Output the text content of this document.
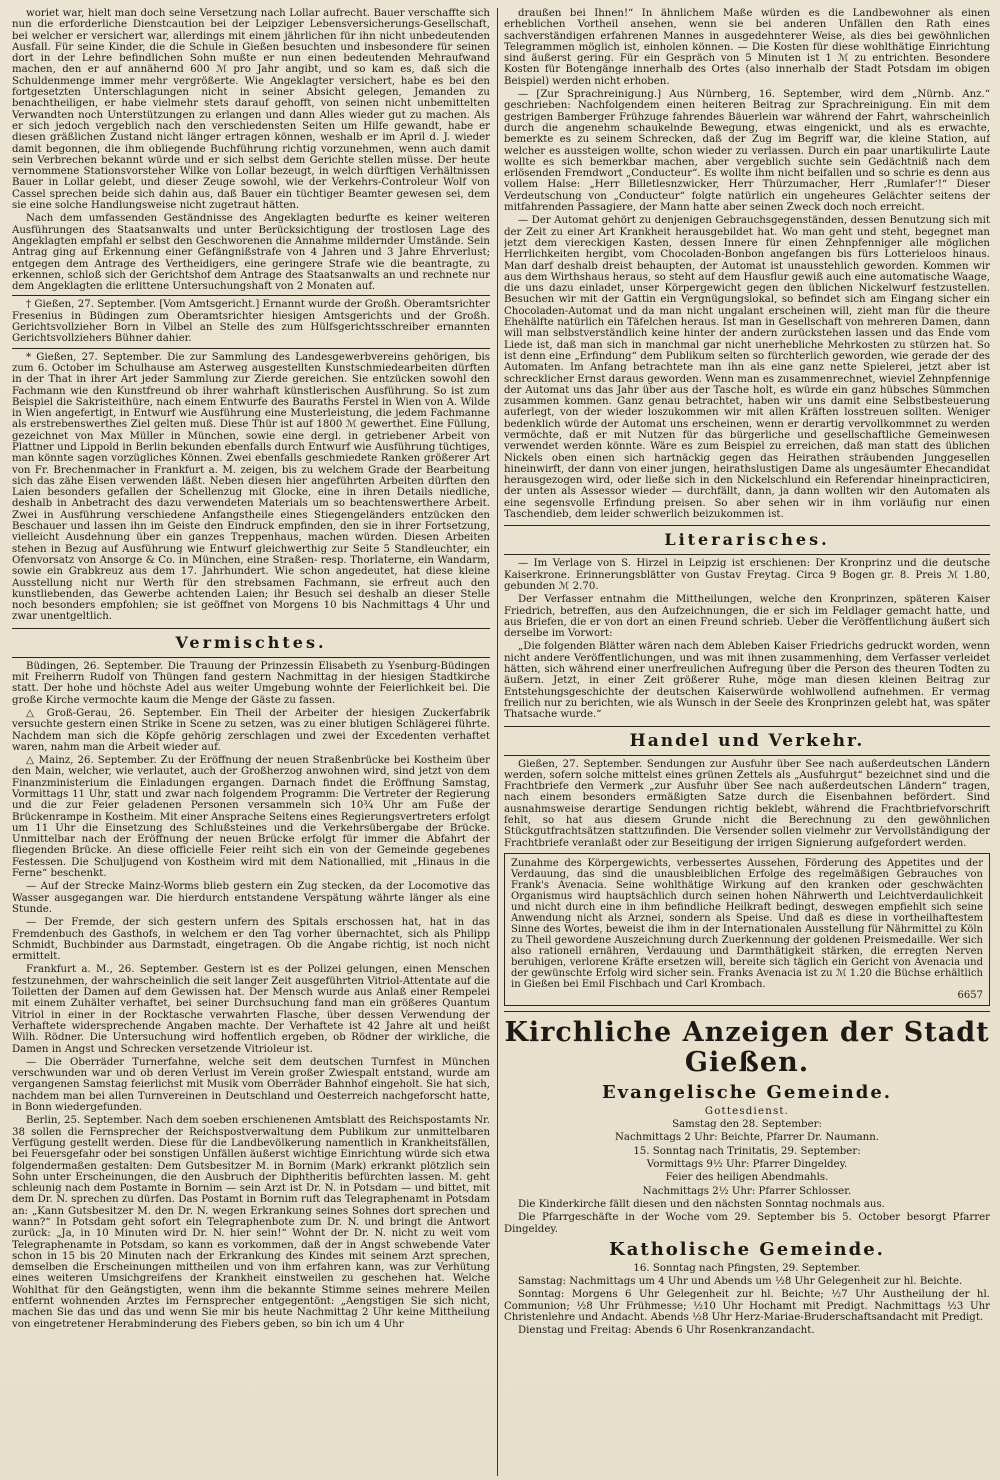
woriet war, hielt man doch seine Versetzung nach Lollar aufrecht. Bauer verschaffte sich nun die erforderliche Dienstcaution bei der Leipziger Lebensversicherungs-Gesellschaft, bei welcher er versichert war, allerdings mit einem jährlichen für ihn nicht unbedeutenden Ausfall. Für seine Kinder, die die Schule in Gießen besuchten und insbesondere für seinen dort in der Lehre befindlichen Sohn mußte er nun einen bedeutenden Mehraufwand machen, den er auf annähernd 600 ℳ pro Jahr angibt, und so kam es, daß sich die Schuldenmenge immer mehr vergrößerte. Wie Angeklagter versichert, habe es bei den fortgesetzten Unterschlagungen nicht in seiner Absicht gelegen, Jemanden zu benachtheiligen, er habe vielmehr stets darauf gehofft, von seinen nicht unbemittelten Verwandten noch Unterstützungen zu erlangen und dann Alles wieder gut zu machen. Als er sich jedoch vergeblich nach den verschiedensten Seiten um Hilfe gewandt, habe er diesen gräßlichen Zustand nicht länger ertragen können, weshalb er im April d. J. wieder damit begonnen, die ihm obliegende Buchführung richtig vorzunehmen, wenn auch damit sein Verbrechen bekannt würde und er sich selbst dem Gerichte stellen müsse. Der heute vernommene Stationsvorsteher Wilke von Lollar bezeugt, in welch dürftigen Verhältnissen Bauer in Lollar gelebt, und dieser Zeuge sowohl, wie der Verkehrs-Controleur Wolf von Cassel sprechen beide sich dahin aus, daß Bauer ein tüchtiger Beamter gewesen sei, dem sie eine solche Handlungsweise nicht zugetraut hätten.

Nach dem umfassenden Geständnisse des Angeklagten bedurfte es keiner weiteren Ausführungen des Staatsanwalts und unter Berücksichtigung der trostlosen Lage des Angeklagten empfahl er selbst den Geschworenen die Annahme mildernder Umstände. Sein Antrag ging auf Erkennung einer Gefängnißstrafe von 4 Jahren und 3 Jahre Ehrverlust; entgegen dem Antrage des Vertheidigers, eine geringere Strafe wie die beantragte, zu erkennen, schloß sich der Gerichtshof dem Antrage des Staatsanwalts an und rechnete nur dem Angeklagten die erlittene Untersuchungshaft von 2 Monaten auf.

† Gießen, 27. September. [Vom Amtsgericht.] Ernannt wurde der Großh. Oberamtsrichter Fresenius in Büdingen zum Oberamtsrichter hiesigen Amtsgerichts und der Großh. Gerichtsvollzieher Born in Vilbel an Stelle des zum Hülfsgerichtsschreiber ernannten Gerichtsvollziehers Bühner dahier.

* Gießen, 27. September. Die zur Sammlung des Landesgewerbvereins gehörigen, bis zum 6. October im Schulhause am Asterweg ausgestellten Kunstschmiedearbeiten dürften in der That in ihrer Art jeder Sammlung zur Zierde gereichen. Sie entzücken sowohl den Fachmann wie den Kunstfreund ob ihrer wahrhaft künstlerischen Ausführung. So ist zum Beispiel die Sakristeithüre, nach einem Entwurfe des Bauraths Ferstel in Wien von A. Wilde in Wien angefertigt, in Entwurf wie Ausführung eine Musterleistung, die jedem Fachmanne als erstrebenswerthes Ziel gelten muß. Diese Thür ist auf 1800 ℳ gewerthet. Eine Füllung, gezeichnet von Max Müller in München, sowie eine dergl. in getriebener Arbeit von Plattner und Lippold in Berlin bekunden ebenfalls durch Entwurf wie Ausführung tüchtiges, man könnte sagen vorzügliches Können. Zwei ebenfalls geschmiedete Ranken größerer Art von Fr. Brechenmacher in Frankfurt a. M. zeigen, bis zu welchem Grade der Bearbeitung sich das zähe Eisen verwenden läßt. Neben diesen hier angeführten Arbeiten dürften den Laien besonders gefallen der Schellenzug mit Glocke, eine in ihren Details niedliche, deshalb in Anbetracht des dazu verwendeten Materials um so beachtenswerthere Arbeit. Zwei in Ausführung verschiedene Anfangstheile eines Stiegengeländers entzücken den Beschauer und lassen ihn im Geiste den Eindruck empfinden, den sie in ihrer Fortsetzung, vielleicht Ausdehnung über ein ganzes Treppenhaus, machen würden. Diesen Arbeiten stehen in Bezug auf Ausführung wie Entwurf gleichwerthig zur Seite 5 Standleuchter, ein Ofenvorsatz von Ansorge & Co. in München, eine Straßen- resp. Thorlaterne, ein Wandarm, sowie ein Grabkreuz aus dem 17. Jahrhundert. Wie schon angedeutet, hat diese kleine Ausstellung nicht nur Werth für den strebsamen Fachmann, sie erfreut auch den kunstliebenden, das Gewerbe achtenden Laien; ihr Besuch sei deshalb an dieser Stelle noch besonders empfohlen; sie ist geöffnet von Morgens 10 bis Nachmittags 4 Uhr und zwar unentgeltlich.

Vermischtes.

Büdingen, 26. September. Die Trauung der Prinzessin Elisabeth zu Ysenburg-Büdingen mit Freiherrn Rudolf von Thüngen fand gestern Nachmittag in der hiesigen Stadtkirche statt. Der hohe und höchste Adel aus weiter Umgebung wohnte der Feierlichkeit bei. Die große Kirche vermochte kaum die Menge der Gäste zu fassen.

△ Groß-Gerau, 26. September. Ein Theil der Arbeiter der hiesigen Zuckerfabrik versuchte gestern einen Strike in Scene zu setzen, was zu einer blutigen Schlägerei führte. Nachdem man sich die Köpfe gehörig zerschlagen und zwei der Excedenten verhaftet waren, nahm man die Arbeit wieder auf.

△ Mainz, 26. September. Zu der Eröffnung der neuen Straßenbrücke bei Kostheim über den Main, welcher, wie verlautet, auch der Großherzog anwohnen wird, sind jetzt von dem Finanzministerium die Einladungen ergangen. Darnach findet die Eröffnung Samstag, Vormittags 11 Uhr, statt und zwar nach folgendem Programm: Die Vertreter der Regierung und die zur Feier geladenen Personen versammeln sich 10¾ Uhr am Fuße der Brückenrampe in Kostheim. Mit einer Ansprache Seitens eines Regierungsvertreters erfolgt um 11 Uhr die Einsetzung des Schlußsteines und die Verkehrsübergabe der Brücke. Unmittelbar nach der Eröffnung der neuen Brücke erfolgt für immer die Abfahrt der fliegenden Brücke. An diese officielle Feier reiht sich ein von der Gemeinde gegebenes Festessen. Die Schuljugend von Kostheim wird mit dem Nationallied, mit „Hinaus in die Ferne“ beschenkt.

— Auf der Strecke Mainz-Worms blieb gestern ein Zug stecken, da der Locomotive das Wasser ausgegangen war. Die hierdurch entstandene Verspätung währte länger als eine Stunde.

— Der Fremde, der sich gestern unfern des Spitals erschossen hat, hat in das Fremdenbuch des Gasthofs, in welchem er den Tag vorher übernachtet, sich als Philipp Schmidt, Buchbinder aus Darmstadt, eingetragen. Ob die Angabe richtig, ist noch nicht ermittelt.

Frankfurt a. M., 26. September. Gestern ist es der Polizei gelungen, einen Menschen festzunehmen, der wahrscheinlich die seit langer Zeit ausgeführten Vitriol-Attentate auf die Toiletten der Damen auf dem Gewissen hat. Der Mensch wurde aus Anlaß einer Rempelei mit einem Zuhälter verhaftet, bei seiner Durchsuchung fand man ein größeres Quantum Vitriol in einer in der Rocktasche verwahrten Flasche, über dessen Verwendung der Verhaftete widersprechende Angaben machte. Der Verhaftete ist 42 Jahre alt und heißt Wilh. Rödner. Die Untersuchung wird hoffentlich ergeben, ob Rödner der wirkliche, die Damen in Angst und Schrecken versetzende Vitrioleur ist.

— Die Oberräder Turnerfahne, welche seit dem deutschen Turnfest in München verschwunden war und ob deren Verlust im Verein großer Zwiespalt entstand, wurde am vergangenen Samstag feierlichst mit Musik vom Oberräder Bahnhof eingeholt. Sie hat sich, nachdem man bei allen Turnvereinen in Deutschland und Oesterreich nachgeforscht hatte, in Bonn wiedergefunden.

Berlin, 25. September. Nach dem soeben erschienenen Amtsblatt des Reichspostamts Nr. 38 sollen die Fernsprecher der Reichspostverwaltung dem Publikum zur unmittelbaren Verfügung gestellt werden. Diese für die Landbevölkerung namentlich in Krankheitsfällen, bei Feuersgefahr oder bei sonstigen Unfällen äußerst wichtige Einrichtung würde sich etwa folgendermaßen gestalten: Dem Gutsbesitzer M. in Bornim (Mark) erkrankt plötzlich sein Sohn unter Erscheinungen, die den Ausbruch der Diphtheritis befürchten lassen. M. geht schleunig nach dem Postamte in Bornim — sein Arzt ist Dr. N. in Potsdam — und bittet, mit dem Dr. N. sprechen zu dürfen. Das Postamt in Bornim ruft das Telegraphenamt in Potsdam an: „Kann Gutsbesitzer M. den Dr. N. wegen Erkrankung seines Sohnes dort sprechen und wann?“ In Potsdam geht sofort ein Telegraphenbote zum Dr. N. und bringt die Antwort zurück: „Ja, in 10 Minuten wird Dr. N. hier sein!“ Wohnt der Dr. N. nicht zu weit vom Telegraphenamte in Potsdam, so kann es vorkommen, daß der in Angst schwebende Vater schon in 15 bis 20 Minuten nach der Erkrankung des Kindes mit seinem Arzt sprechen, demselben die Erscheinungen mittheilen und von ihm erfahren kann, was zur Verhütung eines weiteren Umsichgreifens der Krankheit einstweilen zu geschehen hat. Welche Wohlthat für den Geängstigten, wenn ihm die bekannte Stimme seines mehrere Meilen entfernt wohnenden Arztes im Fernsprecher entgegentönt: „Aengstigen Sie sich nicht, machen Sie das und das und wenn Sie mir bis heute Nachmittag 2 Uhr keine Mittheilung von eingetretener Herabminderung des Fiebers geben, so bin ich um 4 Uhr

draußen bei Ihnen!“ In ähnlichem Maße würden es die Landbewohner als einen erheblichen Vortheil ansehen, wenn sie bei anderen Unfällen den Rath eines sachverständigen erfahrenen Mannes in ausgedehnterer Weise, als dies bei gewöhnlichen Telegrammen möglich ist, einholen können. — Die Kosten für diese wohlthätige Einrichtung sind äußerst gering. Für ein Gespräch von 5 Minuten ist 1 ℳ zu entrichten. Besondere Kosten für Botengänge innerhalb des Ortes (also innerhalb der Stadt Potsdam im obigen Beispiel) werden nicht erhoben.

— [Zur Sprachreinigung.] Aus Nürnberg, 16. September, wird dem „Nürnb. Anz.“ geschrieben: Nachfolgendem einen heiteren Beitrag zur Sprachreinigung. Ein mit dem gestrigen Bamberger Frühzuge fahrendes Bäuerlein war während der Fahrt, wahrscheinlich durch die angenehm schaukelnde Bewegung, etwas eingenickt, und als es erwachte, bemerkte es zu seinem Schrecken, daß der Zug im Begriff war, die kleine Station, auf welcher es aussteigen wollte, schon wieder zu verlassen. Durch ein paar unartikulirte Laute wollte es sich bemerkbar machen, aber vergeblich suchte sein Gedächtniß nach dem erlösenden Fremdwort „Conducteur“. Es wollte ihm nicht beifallen und so schrie es denn aus vollem Halse: „Herr Billetlesnzwicker, Herr Thürzumacher, Herr ‚Rumlafer‘!“ Dieser Verdeutschung von „Conducteur“ folgte natürlich ein ungeheures Gelächter seitens der mitfahrenden Passagiere, der Mann hatte aber seinen Zweck doch noch erreicht.

— Der Automat gehört zu denjenigen Gebrauchsgegenständen, dessen Benutzung sich mit der Zeit zu einer Art Krankheit herausgebildet hat. Wo man geht und steht, begegnet man jetzt dem viereckigen Kasten, dessen Innere für einen Zehnpfenniger alle möglichen Herrlichkeiten hergibt, vom Chocoladen-Bonbon angefangen bis fürs Lotterieloos hinaus. Man darf deshalb dreist behaupten, der Automat ist unausstehlich geworden. Kommen wir aus dem Wirthshaus heraus, so steht auf dem Hausflur gewiß auch eine automatische Waage, die uns dazu einladet, unser Körpergewicht gegen den üblichen Nickelwurf festzustellen. Besuchen wir mit der Gattin ein Vergnügungslokal, so befindet sich am Eingang sicher ein Chocoladen-Automat und da man nicht ungalant erscheinen will, zieht man für die theure Ehehälfte natürlich ein Täfelchen heraus. Ist man in Gesellschaft von mehreren Damen, dann will man selbstverständlich keine hinter der andern zurückstehen lassen und das Ende vom Liede ist, daß man sich in manchmal gar nicht unerhebliche Mehrkosten zu stürzen hat. So ist denn eine „Erfindung“ dem Publikum selten so fürchterlich geworden, wie gerade der des Automaten. Im Anfang betrachtete man ihn als eine ganz nette Spielerei, jetzt aber ist schrecklicher Ernst daraus geworden. Wenn man es zusammenrechnet, wieviel Zehnpfennige der Automat uns das Jahr über aus der Tasche holt, es würde ein ganz hübsches Sümmchen zusammen kommen. Ganz genau betrachtet, haben wir uns damit eine Selbstbesteuerung auferlegt, von der wieder loszukommen wir mit allen Kräften losstreuen sollten. Weniger bedenklich würde der Automat uns erscheinen, wenn er derartig vervollkommnet zu werden vermöchte, daß er mit Nutzen für das bürgerliche und gesellschaftliche Gemeinwesen verwendet werden könnte. Wäre es zum Beispiel zu erreichen, daß man statt des üblichen Nickels oben einen sich hartnäckig gegen das Heirathen sträubenden Junggesellen hineinwirft, der dann von einer jungen, heirathslustigen Dame als ungesäumter Ehecandidat herausgezogen wird, oder ließe sich in den Nickelschlund ein Referendar hineinpracticiren, der unten als Assessor wieder — durchfällt, dann, ja dann wollten wir den Automaten als eine segensvolle Erfindung preisen. So aber sehen wir in ihm vorläufig nur einen Taschendieb, dem leider schwerlich beizukommen ist.

Literarisches.

— Im Verlage von S. Hirzel in Leipzig ist erschienen: Der Kronprinz und die deutsche Kaiserkrone. Erinnerungsblätter von Gustav Freytag. Circa 9 Bogen gr. 8. Preis ℳ 1.80, gebunden ℳ 2.70.

Der Verfasser entnahm die Mittheilungen, welche den Kronprinzen, späteren Kaiser Friedrich, betreffen, aus den Aufzeichnungen, die er sich im Feldlager gemacht hatte, und aus Briefen, die er von dort an einen Freund schrieb. Ueber die Veröffentlichung äußert sich derselbe im Vorwort:

„Die folgenden Blätter wären nach dem Ableben Kaiser Friedrichs gedruckt worden, wenn nicht andere Veröffentlichungen, und was mit ihnen zusammenhing, dem Verfasser verleidet hätten, sich während einer unerfreulichen Aufregung über die Person des theuren Todten zu äußern. Jetzt, in einer Zeit größerer Ruhe, möge man diesen kleinen Beitrag zur Entstehungsgeschichte der deutschen Kaiserwürde wohlwollend aufnehmen. Er vermag freilich nur zu berichten, wie als Wunsch in der Seele des Kronprinzen gelebt hat, was später Thatsache wurde.“

Handel und Verkehr.

Gießen, 27. September. Sendungen zur Ausfuhr über See nach außerdeutschen Ländern werden, sofern solche mittelst eines grünen Zettels als „Ausfuhrgut“ bezeichnet sind und die Frachtbriefe den Vermerk „zur Ausfuhr über See nach außerdeutschen Ländern“ tragen, nach einem besonders ermäßigten Satze durch die Eisenbahnen befördert. Sind ausnahmsweise derartige Sendungen richtig beklebt, während die Frachtbriefvorschrift fehlt, so hat aus diesem Grunde nicht die Berechnung zu den gewöhnlichen Stückgutfrachtsätzen stattzufinden. Die Versender sollen vielmehr zur Vervollständigung der Frachtbriefe veranlaßt oder zur Beseitigung der irrigen Signierung aufgefordert werden.

Zunahme des Körpergewichts, verbessertes Aussehen, Förderung des Appetites und der Verdauung, das sind die unausbleiblichen Erfolge des regelmäßigen Gebrauches von Frank's Avenacia. Seine wohlthätige Wirkung auf den kranken oder geschwächten Organismus wird hauptsächlich durch seinen hohen Nährwerth und Leichtverdaulichkeit und nicht durch eine in ihm befindliche Heilkraft bedingt, deswegen empfiehlt sich seine Anwendung nicht als Arznei, sondern als Speise. Und daß es diese in vortheilhaftestem Sinne des Wortes, beweist die ihm in der Internationalen Ausstellung für Nährmittel zu Köln zu Theil gewordene Auszeichnung durch Zuerkennung der goldenen Preismedaille. Wer sich also rationell ernähren, Verdauung und Darmthätigkeit stärken, die erregten Nerven beruhigen, verlorene Kräfte ersetzen will, bereite sich täglich ein Gericht von Avenacia und der gewünschte Erfolg wird sicher sein. Franks Avenacia ist zu ℳ 1.20 die Büchse erhältlich in Gießen bei Emil Fischbach und Carl Krombach.
6657
Kirchliche Anzeigen der Stadt Gießen.
Evangelische Gemeinde.

Gottesdienst.

Samstag den 28. September:

Nachmittags 2 Uhr: Beichte, Pfarrer Dr. Naumann.

15. Sonntag nach Trinitatis, 29. September:

Vormittags 9½ Uhr: Pfarrer Dingeldey.

Feier des heiligen Abendmahls.

Nachmittags 2½ Uhr: Pfarrer Schlosser.

Die Kinderkirche fällt diesen und den nächsten Sonntag nochmals aus.

Die Pfarrgeschäfte in der Woche vom 29. September bis 5. October besorgt Pfarrer Dingeldey.

Katholische Gemeinde.

16. Sonntag nach Pfingsten, 29. September.

Samstag: Nachmittags um 4 Uhr und Abends um ½8 Uhr Gelegenheit zur hl. Beichte.

Sonntag: Morgens 6 Uhr Gelegenheit zur hl. Beichte; ½7 Uhr Austheilung der hl. Communion; ½8 Uhr Frühmesse; ½10 Uhr Hochamt mit Predigt. Nachmittags ½3 Uhr Christenlehre und Andacht. Abends ½8 Uhr Herz-Mariae-Bruderschaftsandacht mit Predigt.

Dienstag und Freitag: Abends 6 Uhr Rosenkranzandacht.
